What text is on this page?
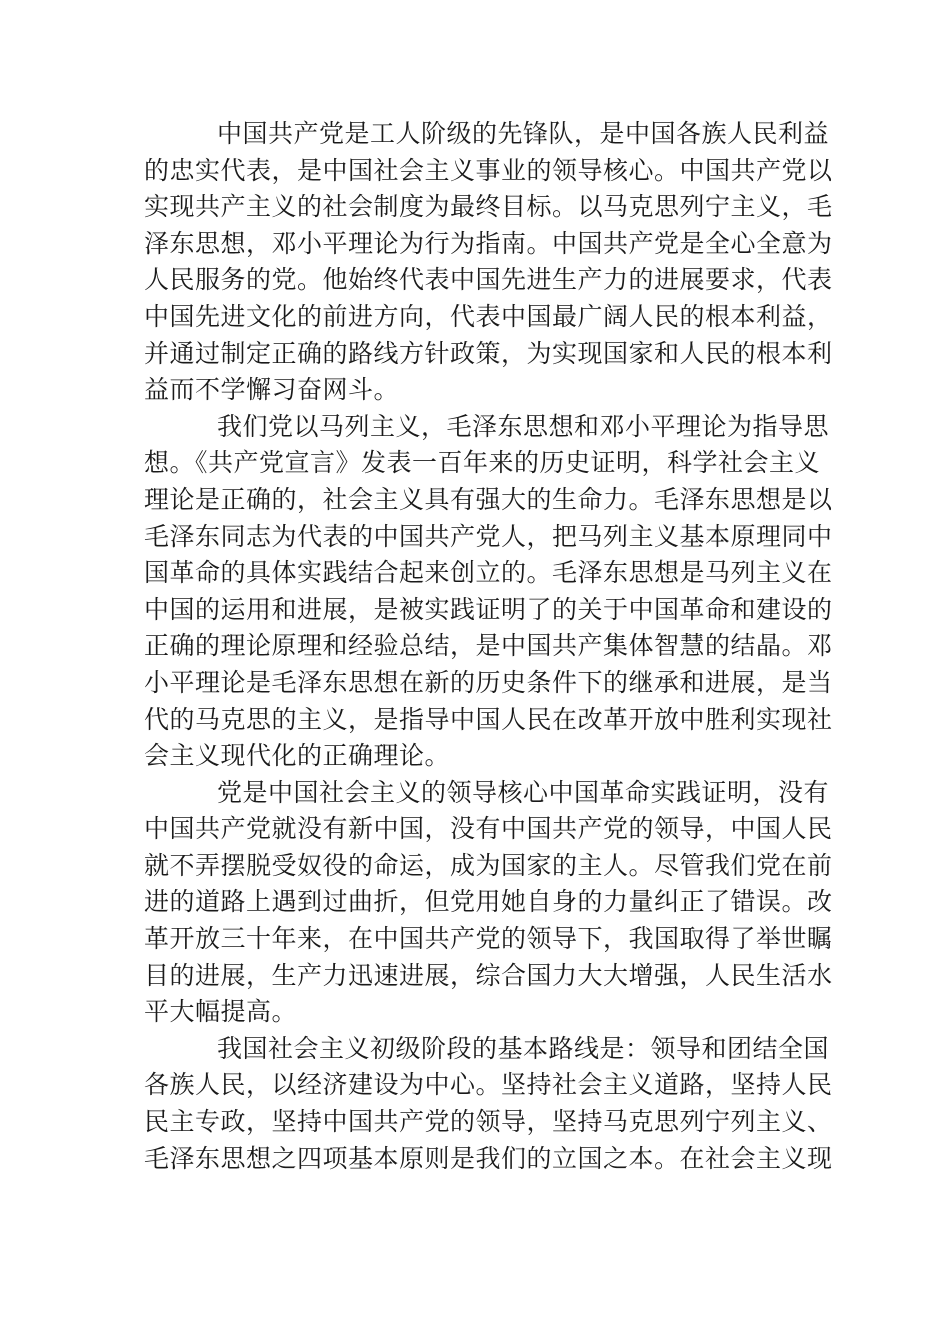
中国共产党是工人阶级的先锋队，是中国各族人民利益
的忠实代表，是中国社会主义事业的领导核心。中国共产党以
实现共产主义的社会制度为最终目标。以马克思列宁主义，毛
泽东思想，邓小平理论为行为指南。中国共产党是全心全意为
人民服务的党。他始终代表中国先进生产力的进展要求，代表
中国先进文化的前进方向，代表中国最广阔人民的根本利益，
并通过制定正确的路线方针政策，为实现国家和人民的根本利
益而不学懈习奋网斗。

我们党以马列主义，毛泽东思想和邓小平理论为指导思
想。《共产党宣言》发表一百年来的历史证明，科学社会主义
理论是正确的，社会主义具有强大的生命力。毛泽东思想是以
毛泽东同志为代表的中国共产党人，把马列主义基本原理同中
国革命的具体实践结合起来创立的。毛泽东思想是马列主义在
中国的运用和进展，是被实践证明了的关于中国革命和建设的
正确的理论原理和经验总结，是中国共产集体智慧的结晶。邓
小平理论是毛泽东思想在新的历史条件下的继承和进展，是当
代的马克思的主义，是指导中国人民在改革开放中胜利实现社
会主义现代化的正确理论。

党是中国社会主义的领导核心中国革命实践证明，没有
中国共产党就没有新中国，没有中国共产党的领导，中国人民
就不弄摆脱受奴役的命运，成为国家的主人。尽管我们党在前
进的道路上遇到过曲折，但党用她自身的力量纠正了错误。改
革开放三十年来，在中国共产党的领导下，我国取得了举世瞩
目的进展，生产力迅速进展，综合国力大大增强，人民生活水
平大幅提高。

我国社会主义初级阶段的基本路线是：领导和团结全国
各族人民，以经济建设为中心。坚持社会主义道路，坚持人民
民主专政，坚持中国共产党的领导，坚持马克思列宁列主义、
毛泽东思想之四项基本原则是我们的立国之本。在社会主义现
